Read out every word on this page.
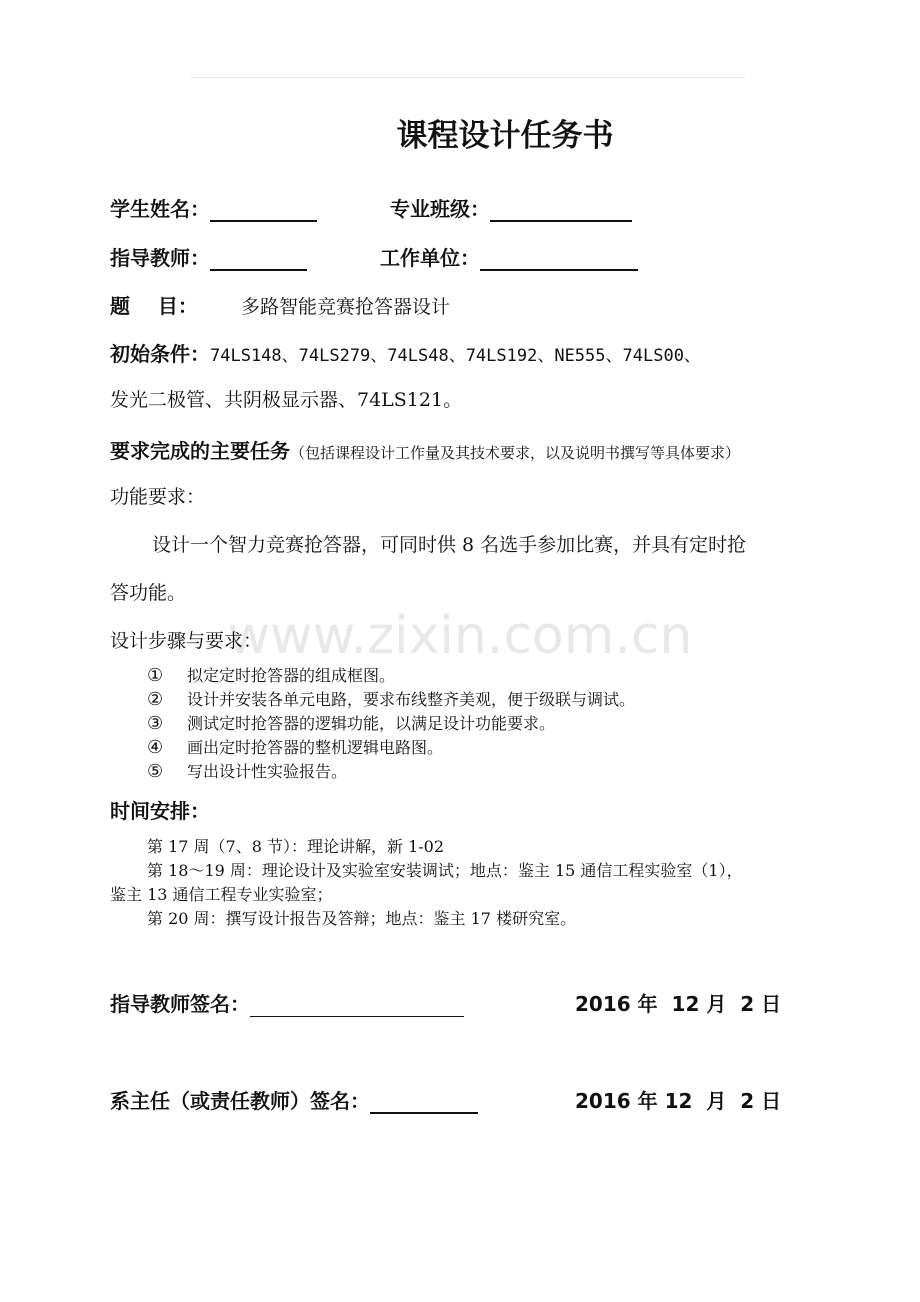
课程设计任务书
学生姓名：	专业班级：
指导教师：	工作单位：
题    目： 多路智能竞赛抢答器设计
初始条件：74LS148、74LS279、74LS48、74LS192、NE555、74LS00、
发光二极管、共阴极显示器、74LS121。
要求完成的主要任务（包括课程设计工作量及其技术要求，以及说明书撰写等具体要求）
功能要求：
设计一个智力竞赛抢答器，可同时供 8 名选手参加比赛，并具有定时抢
答功能。
www.zixin.com.cn
设计步骤与要求：
① 拟定定时抢答器的组成框图。
② 设计并安装各单元电路，要求布线整齐美观，便于级联与调试。
③ 测试定时抢答器的逻辑功能，以满足设计功能要求。
④ 画出定时抢答器的整机逻辑电路图。
⑤ 写出设计性实验报告。
时间安排：
第 17 周（7、8 节）：理论讲解，新 1-02
第 18～19 周：理论设计及实验室安装调试；地点：鉴主 15 通信工程实验室（1），
鉴主 13 通信工程专业实验室；
第 20 周：撰写设计报告及答辩；地点：鉴主 17 楼研究室。
指导教师签名：	2016 年  12 月  2 日
系主任（或责任教师）签名：	2016 年 12  月  2 日
